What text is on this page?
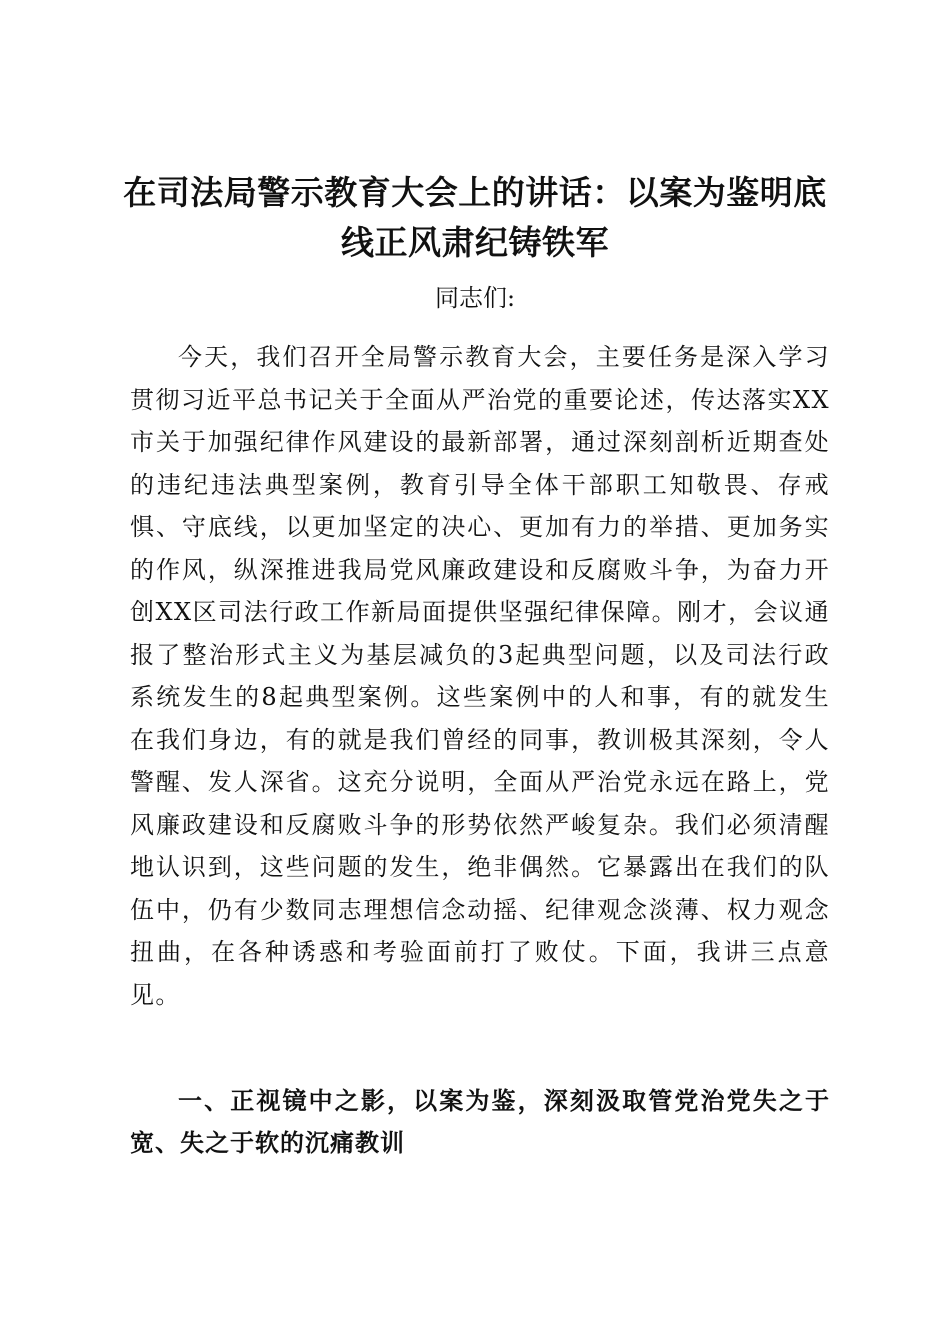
在司法局警示教育大会上的讲话：以案为鉴明底线正风肃纪铸铁军
同志们:

今天，我们召开全局警示教育大会，主要任务是深入学习贯彻习近平总书记关于全面从严治党的重要论述，传达落实XX市关于加强纪律作风建设的最新部署，通过深刻剖析近期查处的违纪违法典型案例，教育引导全体干部职工知敬畏、存戒惧、守底线，以更加坚定的决心、更加有力的举措、更加务实的作风，纵深推进我局党风廉政建设和反腐败斗争，为奋力开创XX区司法行政工作新局面提供坚强纪律保障。刚才，会议通报了整治形式主义为基层减负的3起典型问题，以及司法行政系统发生的8起典型案例。这些案例中的人和事，有的就发生在我们身边，有的就是我们曾经的同事，教训极其深刻，令人警醒、发人深省。这充分说明，全面从严治党永远在路上，党风廉政建设和反腐败斗争的形势依然严峻复杂。我们必须清醒地认识到，这些问题的发生，绝非偶然。它暴露出在我们的队伍中，仍有少数同志理想信念动摇、纪律观念淡薄、权力观念扭曲，在各种诱惑和考验面前打了败仗。下面，我讲三点意见。

一、正视镜中之影，以案为鉴，深刻汲取管党治党失之于宽、失之于软的沉痛教训
